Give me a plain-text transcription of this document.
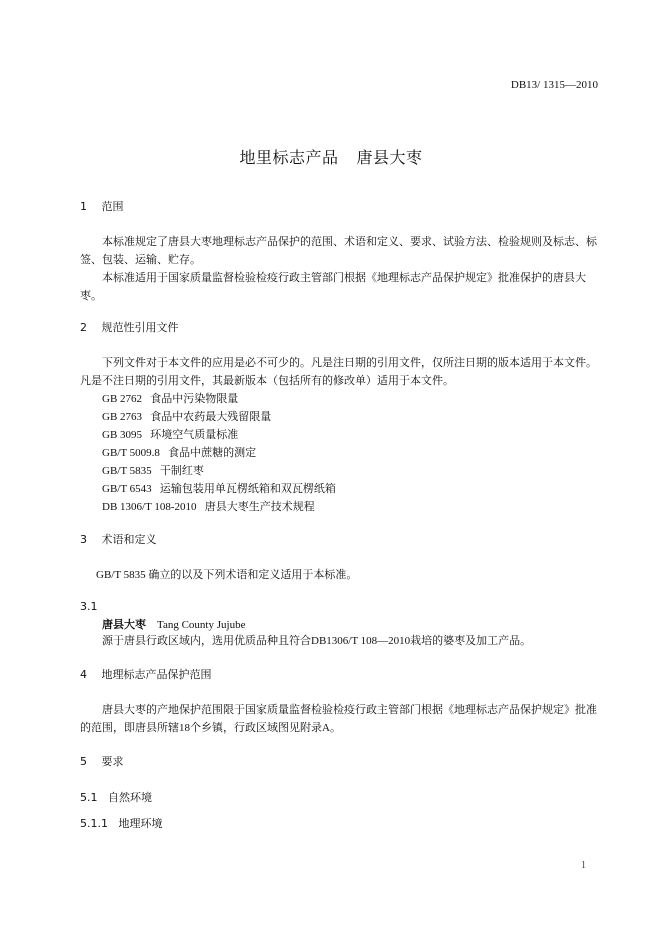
DB13/ 1315—2010
地里标志产品 唐县大枣
1 范围
本标准规定了唐县大枣地理标志产品保护的范围、术语和定义、要求、试验方法、检验规则及标志、标签、包装、运输、贮存。
本标准适用于国家质量监督检验检疫行政主管部门根据《地理标志产品保护规定》批准保护的唐县大枣。
2 规范性引用文件
下列文件对于本文件的应用是必不可少的。凡是注日期的引用文件，仅所注日期的版本适用于本文件。凡是不注日期的引用文件，其最新版本（包括所有的修改单）适用于本文件。
GB 2762 食品中污染物限量
GB 2763 食品中农药最大残留限量
GB 3095 环境空气质量标准
GB/T 5009.8 食品中蔗糖的测定
GB/T 5835 干制红枣
GB/T 6543 运输包装用单瓦楞纸箱和双瓦楞纸箱
DB 1306/T 108-2010 唐县大枣生产技术规程
3 术语和定义
GB/T 5835 确立的以及下列术语和定义适用于本标准。
3.1
唐县大枣 Tang County Jujube
源于唐县行政区域内，选用优质品种且符合DB1306/T 108—2010栽培的婆枣及加工产品。
4 地理标志产品保护范围
唐县大枣的产地保护范围限于国家质量监督检验检疫行政主管部门根据《地理标志产品保护规定》批准的范围，即唐县所辖18个乡镇，行政区域图见附录A。
5 要求
5.1 自然环境
5.1.1 地理环境
1
